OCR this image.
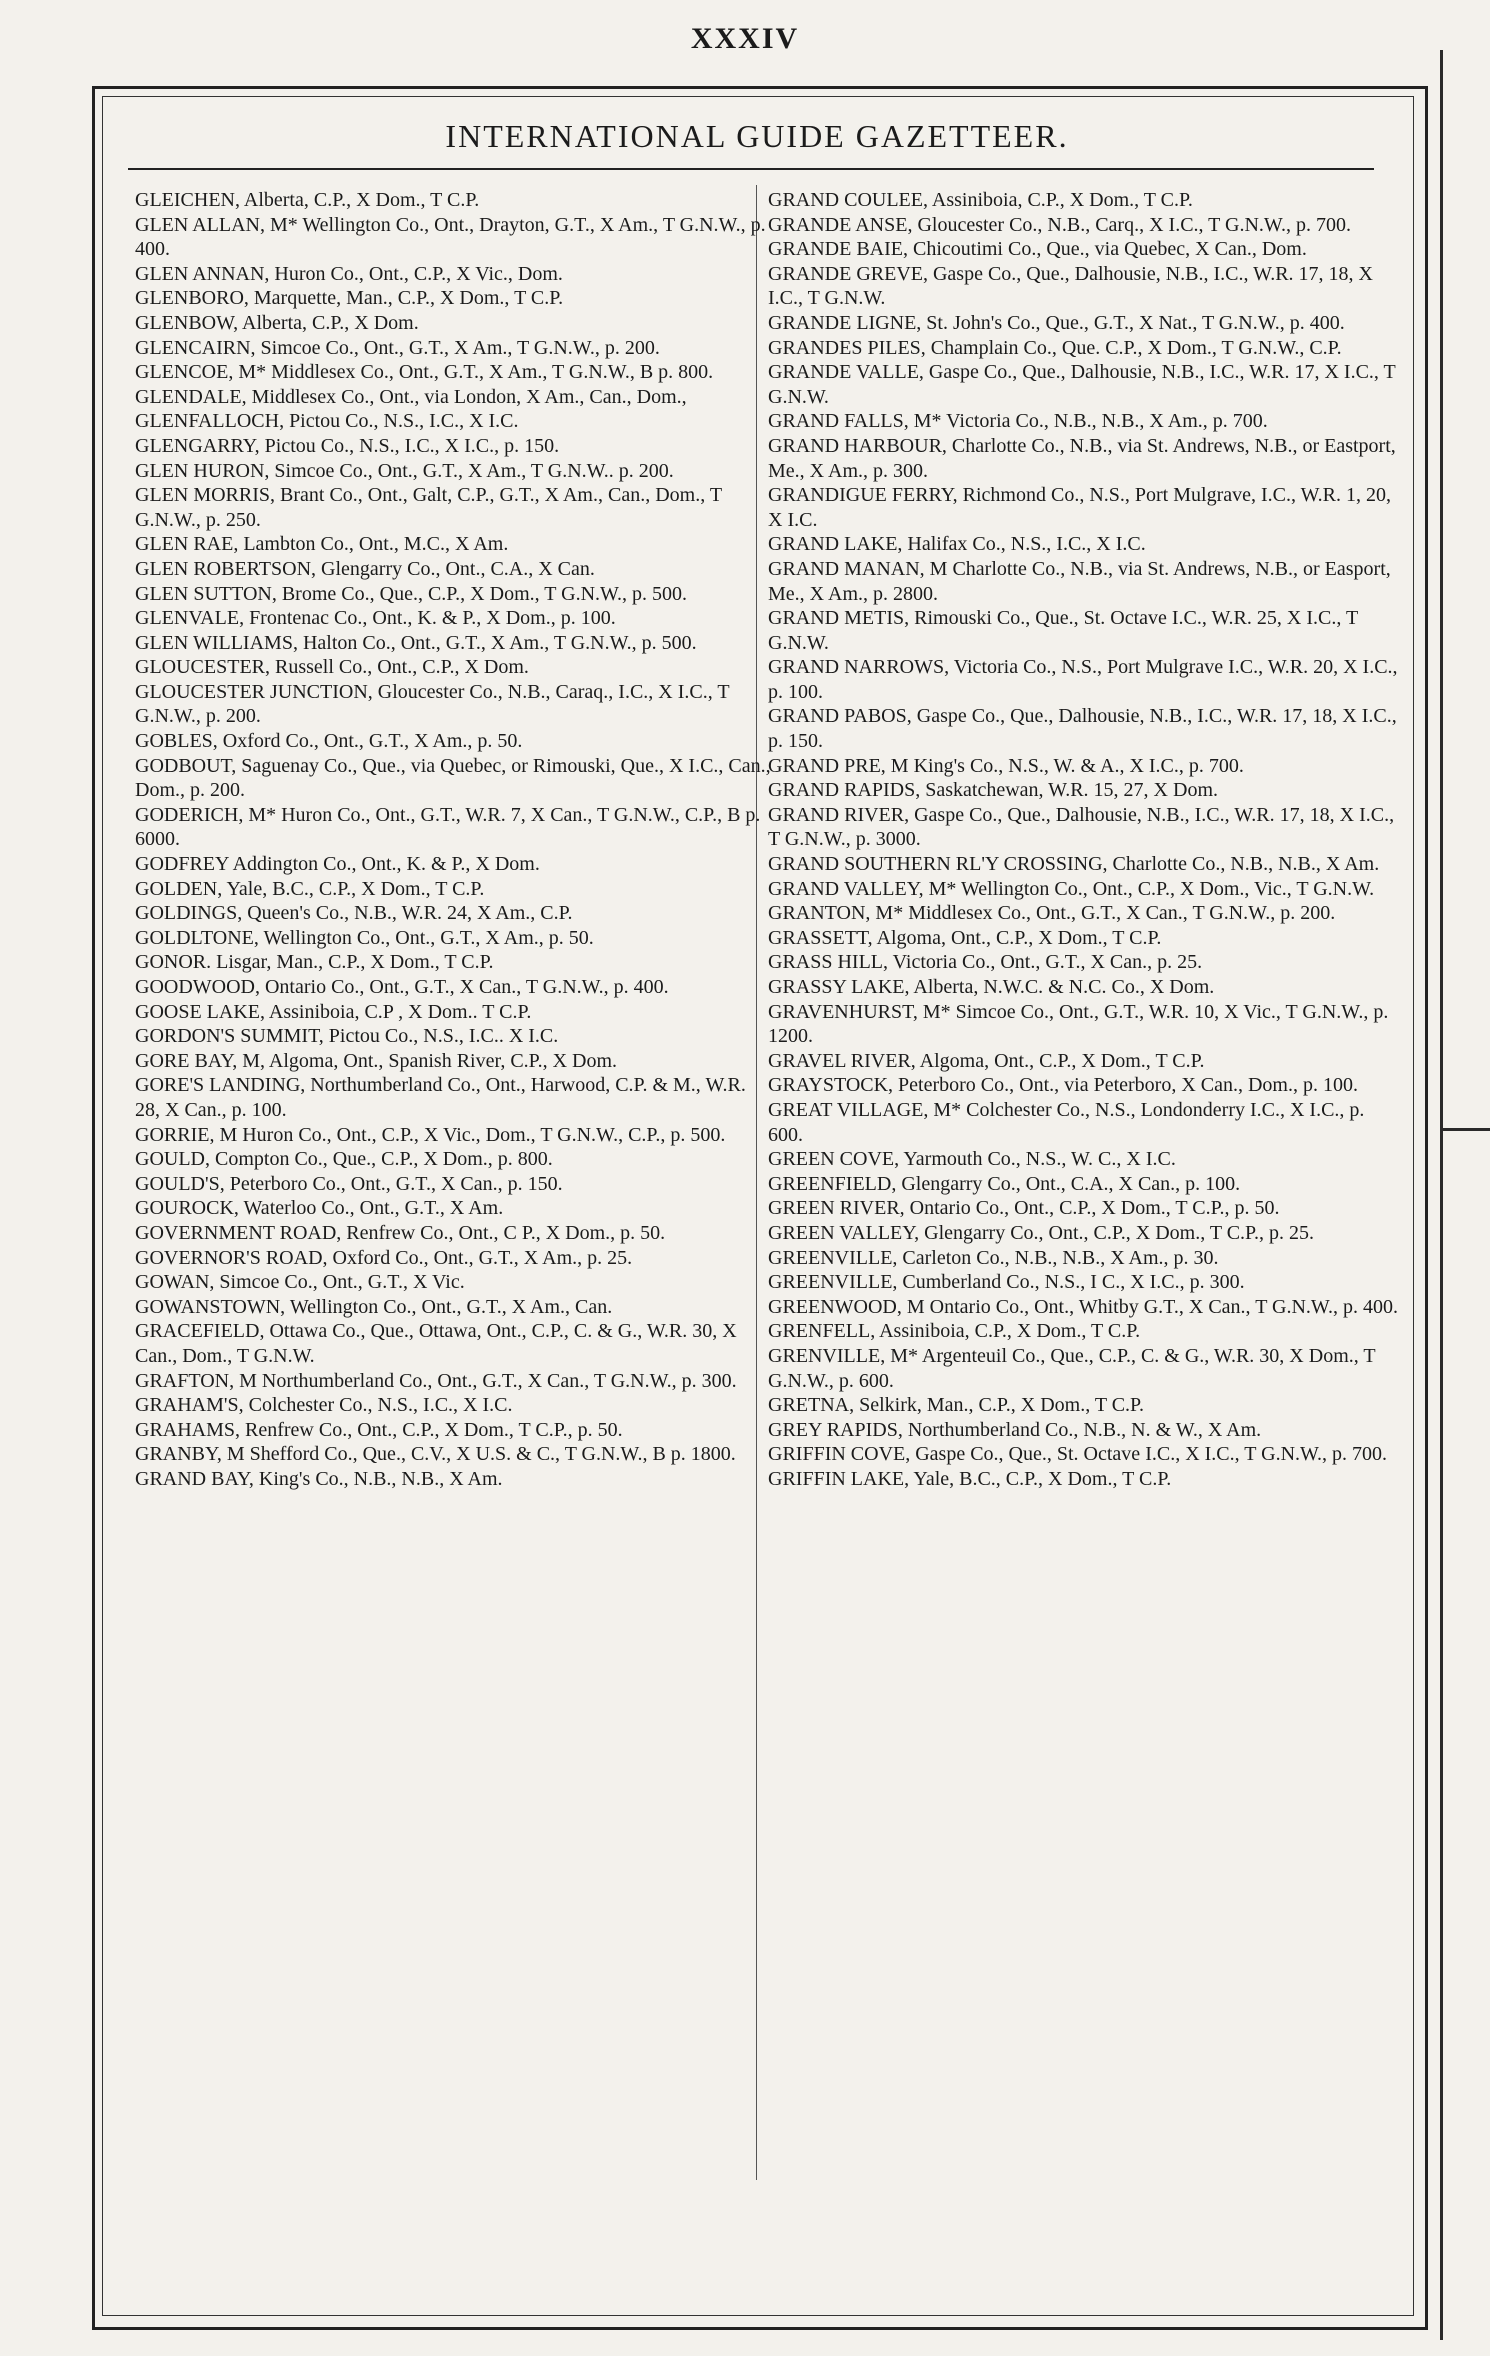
XXXIV
INTERNATIONAL GUIDE GAZETTEER.

GLEICHEN, Alberta, C.P., X Dom., T C.P.

GLEN ALLAN, M* Wellington Co., Ont., Drayton, G.T., X Am., T G.N.W., p. 400.

GLEN ANNAN, Huron Co., Ont., C.P., X Vic., Dom.

GLENBORO, Marquette, Man., C.P., X Dom., T C.P.

GLENBOW, Alberta, C.P., X Dom.

GLENCAIRN, Simcoe Co., Ont., G.T., X Am., T G.N.W., p. 200.

GLENCOE, M* Middlesex Co., Ont., G.T., X Am., T G.N.W., B p. 800.

GLENDALE, Middlesex Co., Ont., via London, X Am., Can., Dom.,

GLENFALLOCH, Pictou Co., N.S., I.C., X I.C.

GLENGARRY, Pictou Co., N.S., I.C., X I.C., p. 150.

GLEN HURON, Simcoe Co., Ont., G.T., X Am., T G.N.W.. p. 200.

GLEN MORRIS, Brant Co., Ont., Galt, C.P., G.T., X Am., Can., Dom., T G.N.W., p. 250.

GLEN RAE, Lambton Co., Ont., M.C., X Am.

GLEN ROBERTSON, Glengarry Co., Ont., C.A., X Can.

GLEN SUTTON, Brome Co., Que., C.P., X Dom., T G.N.W., p. 500.

GLENVALE, Frontenac Co., Ont., K. & P., X Dom., p. 100.

GLEN WILLIAMS, Halton Co., Ont., G.T., X Am., T G.N.W., p. 500.

GLOUCESTER, Russell Co., Ont., C.P., X Dom.

GLOUCESTER JUNCTION, Gloucester Co., N.B., Caraq., I.C., X I.C., T G.N.W., p. 200.

GOBLES, Oxford Co., Ont., G.T., X Am., p. 50.

GODBOUT, Saguenay Co., Que., via Quebec, or Rimouski, Que., X I.C., Can., Dom., p. 200.

GODERICH, M* Huron Co., Ont., G.T., W.R. 7, X Can., T G.N.W., C.P., B p. 6000.

GODFREY Addington Co., Ont., K. & P., X Dom.

GOLDEN, Yale, B.C., C.P., X Dom., T C.P.

GOLDINGS, Queen's Co., N.B., W.R. 24, X Am., C.P.

GOLDLTONE, Wellington Co., Ont., G.T., X Am., p. 50.

GONOR. Lisgar, Man., C.P., X Dom., T C.P.

GOODWOOD, Ontario Co., Ont., G.T., X Can., T G.N.W., p. 400.

GOOSE LAKE, Assiniboia, C.P , X Dom.. T C.P.

GORDON'S SUMMIT, Pictou Co., N.S., I.C.. X I.C.

GORE BAY, M, Algoma, Ont., Spanish River, C.P., X Dom.

GORE'S LANDING, Northumberland Co., Ont., Harwood, C.P. & M., W.R. 28, X Can., p. 100.

GORRIE, M Huron Co., Ont., C.P., X Vic., Dom., T G.N.W., C.P., p. 500.

GOULD, Compton Co., Que., C.P., X Dom., p. 800.

GOULD'S, Peterboro Co., Ont., G.T., X Can., p. 150.

GOUROCK, Waterloo Co., Ont., G.T., X Am.

GOVERNMENT ROAD, Renfrew Co., Ont., C P., X Dom., p. 50.

GOVERNOR'S ROAD, Oxford Co., Ont., G.T., X Am., p. 25.

GOWAN, Simcoe Co., Ont., G.T., X Vic.

GOWANSTOWN, Wellington Co., Ont., G.T., X Am., Can.

GRACEFIELD, Ottawa Co., Que., Ottawa, Ont., C.P., C. & G., W.R. 30, X Can., Dom., T G.N.W.

GRAFTON, M Northumberland Co., Ont., G.T., X Can., T G.N.W., p. 300.

GRAHAM'S, Colchester Co., N.S., I.C., X I.C.

GRAHAMS, Renfrew Co., Ont., C.P., X Dom., T C.P., p. 50.

GRANBY, M Shefford Co., Que., C.V., X U.S. & C., T G.N.W., B p. 1800.

GRAND BAY, King's Co., N.B., N.B., X Am.

GRAND COULEE, Assiniboia, C.P., X Dom., T C.P.

GRANDE ANSE, Gloucester Co., N.B., Carq., X I.C., T G.N.W., p. 700.

GRANDE BAIE, Chicoutimi Co., Que., via Quebec, X Can., Dom.

GRANDE GREVE, Gaspe Co., Que., Dalhousie, N.B., I.C., W.R. 17, 18, X I.C., T G.N.W.

GRANDE LIGNE, St. John's Co., Que., G.T., X Nat., T G.N.W., p. 400.

GRANDES PILES, Champlain Co., Que. C.P., X Dom., T G.N.W., C.P.

GRANDE VALLE, Gaspe Co., Que., Dalhousie, N.B., I.C., W.R. 17, X I.C., T G.N.W.

GRAND FALLS, M* Victoria Co., N.B., N.B., X Am., p. 700.

GRAND HARBOUR, Charlotte Co., N.B., via St. Andrews, N.B., or Eastport, Me., X Am., p. 300.

GRANDIGUE FERRY, Richmond Co., N.S., Port Mulgrave, I.C., W.R. 1, 20, X I.C.

GRAND LAKE, Halifax Co., N.S., I.C., X I.C.

GRAND MANAN, M Charlotte Co., N.B., via St. Andrews, N.B., or Easport, Me., X Am., p. 2800.

GRAND METIS, Rimouski Co., Que., St. Octave I.C., W.R. 25, X I.C., T G.N.W.

GRAND NARROWS, Victoria Co., N.S., Port Mulgrave I.C., W.R. 20, X I.C., p. 100.

GRAND PABOS, Gaspe Co., Que., Dalhousie, N.B., I.C., W.R. 17, 18, X I.C., p. 150.

GRAND PRE, M King's Co., N.S., W. & A., X I.C., p. 700.

GRAND RAPIDS, Saskatchewan, W.R. 15, 27, X Dom.

GRAND RIVER, Gaspe Co., Que., Dalhousie, N.B., I.C., W.R. 17, 18, X I.C., T G.N.W., p. 3000.

GRAND SOUTHERN RL'Y CROSSING, Charlotte Co., N.B., N.B., X Am.

GRAND VALLEY, M* Wellington Co., Ont., C.P., X Dom., Vic., T G.N.W.

GRANTON, M* Middlesex Co., Ont., G.T., X Can., T G.N.W., p. 200.

GRASSETT, Algoma, Ont., C.P., X Dom., T C.P.

GRASS HILL, Victoria Co., Ont., G.T., X Can., p. 25.

GRASSY LAKE, Alberta, N.W.C. & N.C. Co., X Dom.

GRAVENHURST, M* Simcoe Co., Ont., G.T., W.R. 10, X Vic., T G.N.W., p. 1200.

GRAVEL RIVER, Algoma, Ont., C.P., X Dom., T C.P.

GRAYSTOCK, Peterboro Co., Ont., via Peterboro, X Can., Dom., p. 100.

GREAT VILLAGE, M* Colchester Co., N.S., Londonderry I.C., X I.C., p. 600.

GREEN COVE, Yarmouth Co., N.S., W. C., X I.C.

GREENFIELD, Glengarry Co., Ont., C.A., X Can., p. 100.

GREEN RIVER, Ontario Co., Ont., C.P., X Dom., T C.P., p. 50.

GREEN VALLEY, Glengarry Co., Ont., C.P., X Dom., T C.P., p. 25.

GREENVILLE, Carleton Co., N.B., N.B., X Am., p. 30.

GREENVILLE, Cumberland Co., N.S., I C., X I.C., p. 300.

GREENWOOD, M Ontario Co., Ont., Whitby G.T., X Can., T G.N.W., p. 400.

GRENFELL, Assiniboia, C.P., X Dom., T C.P.

GRENVILLE, M* Argenteuil Co., Que., C.P., C. & G., W.R. 30, X Dom., T G.N.W., p. 600.

GRETNA, Selkirk, Man., C.P., X Dom., T C.P.

GREY RAPIDS, Northumberland Co., N.B., N. & W., X Am.

GRIFFIN COVE, Gaspe Co., Que., St. Octave I.C., X I.C., T G.N.W., p. 700.

GRIFFIN LAKE, Yale, B.C., C.P., X Dom., T C.P.
